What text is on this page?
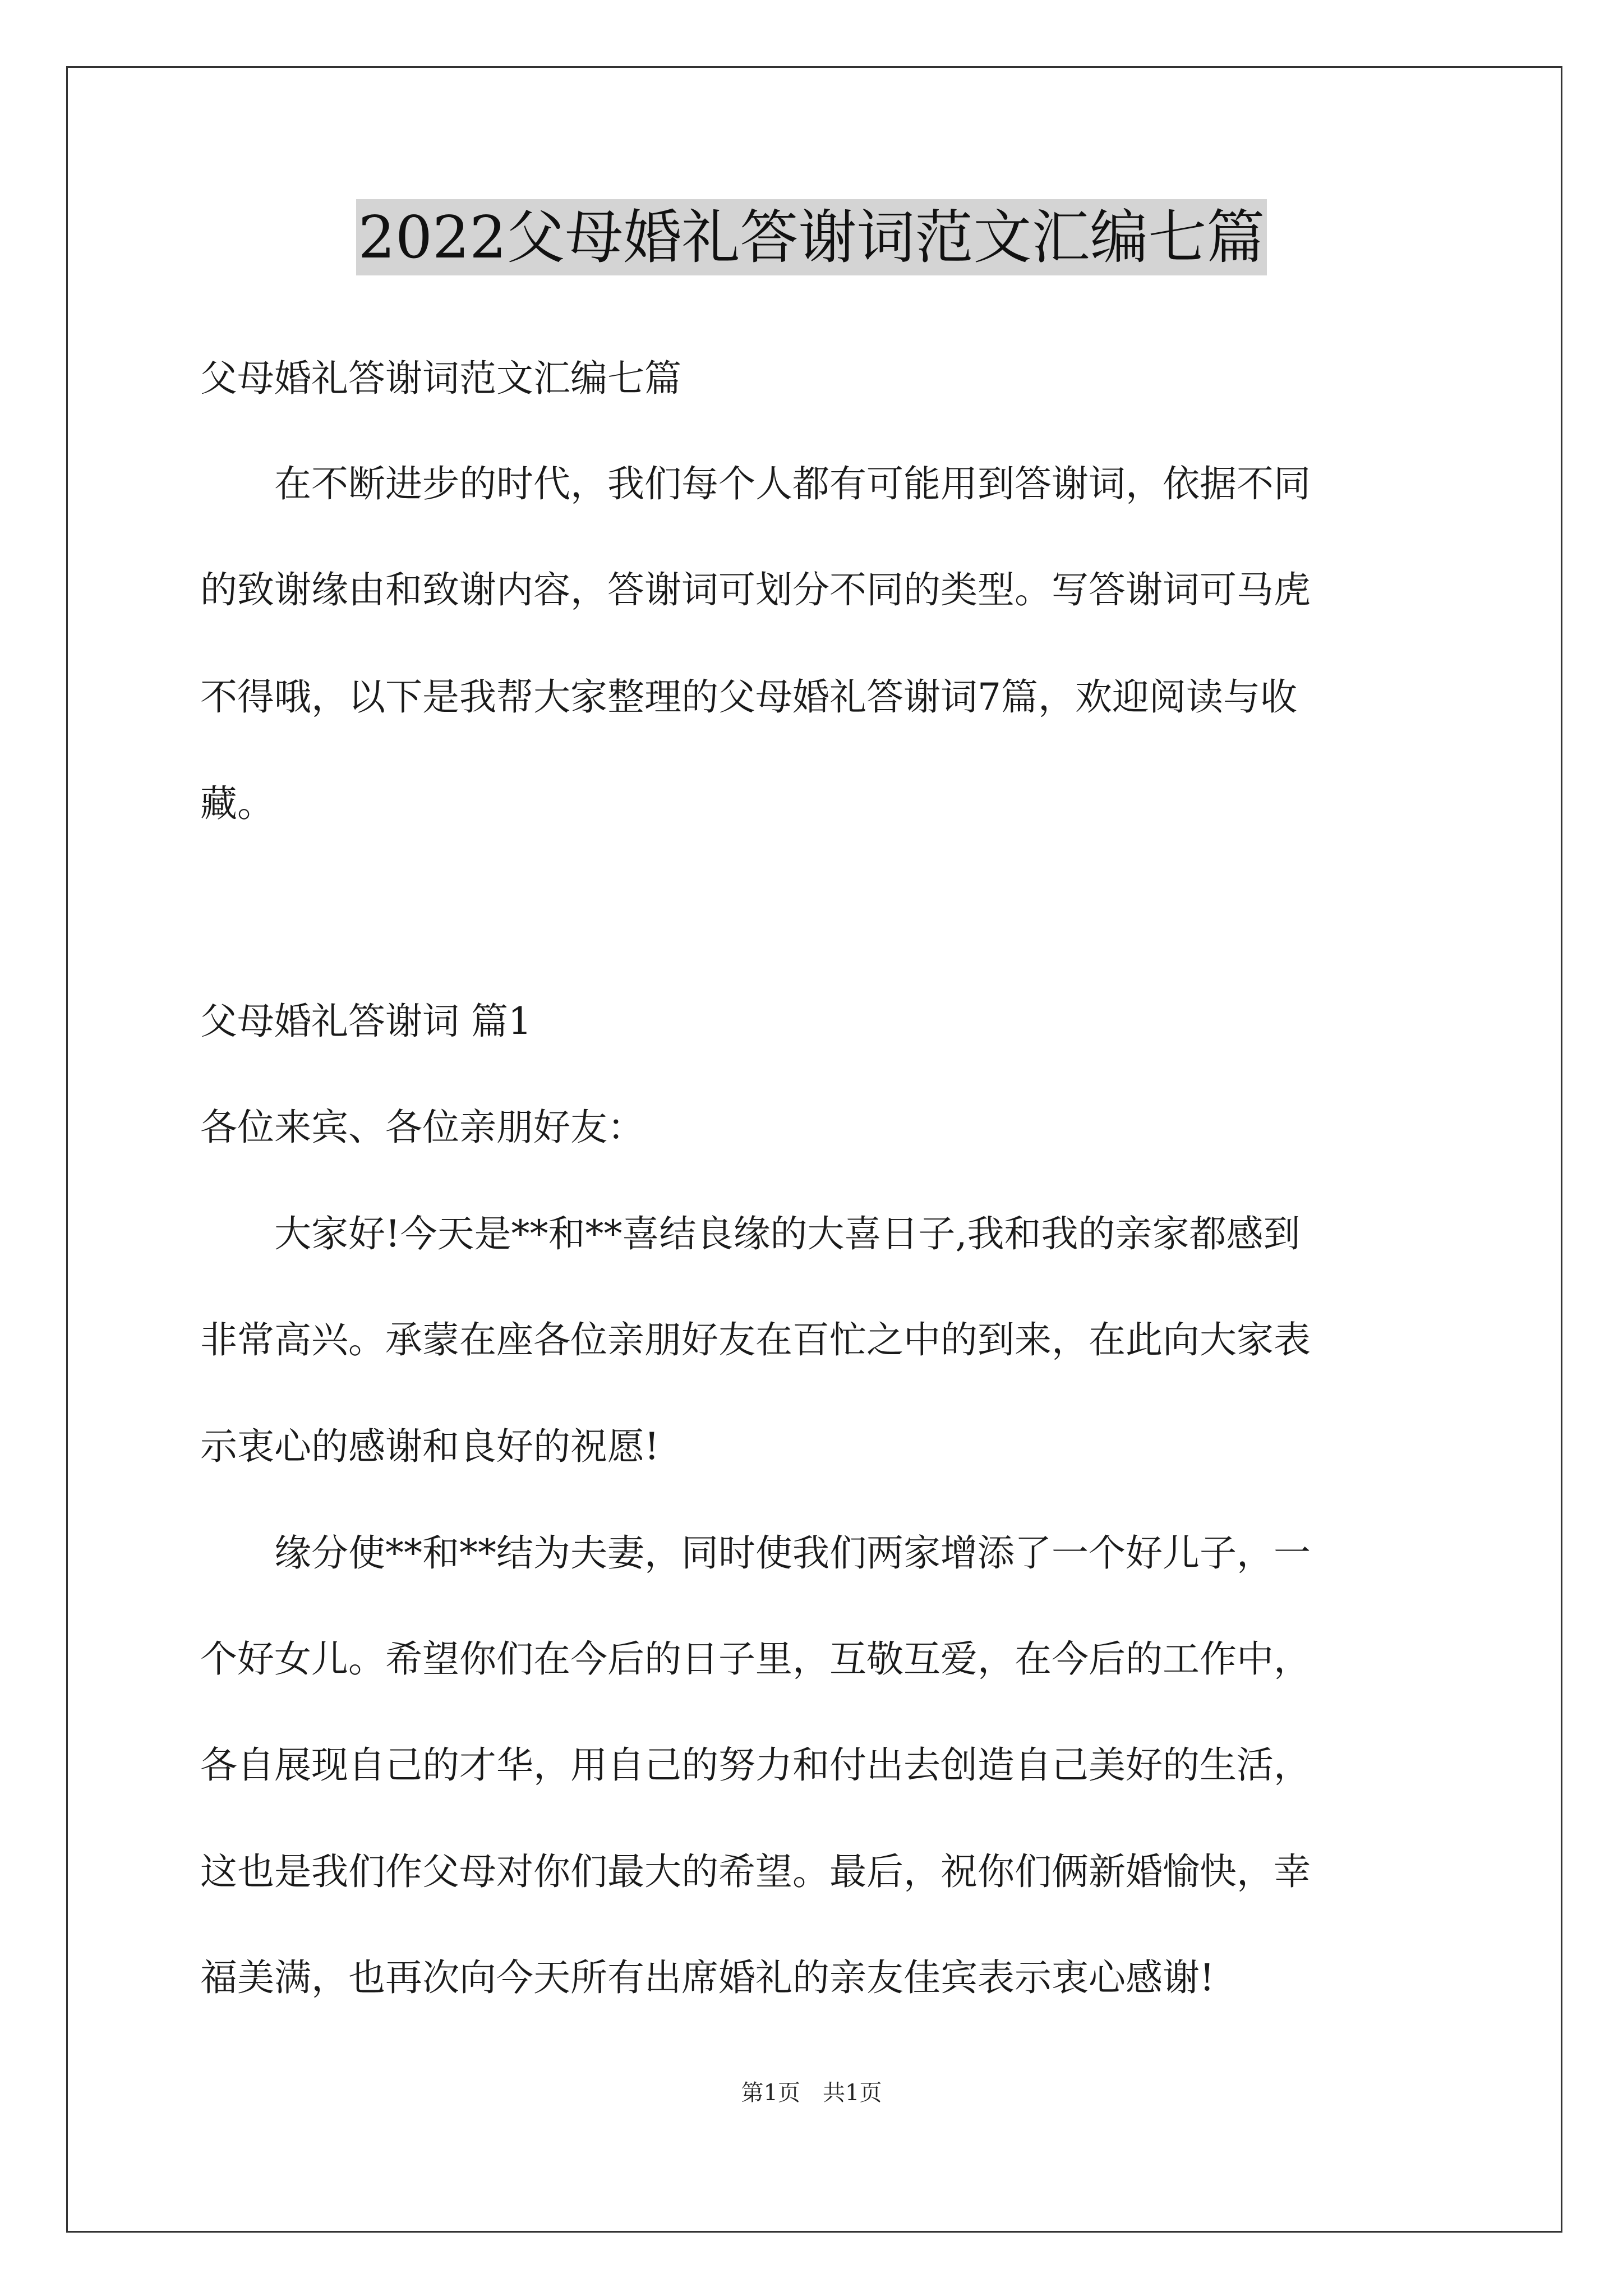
2022父母婚礼答谢词范文汇编七篇
父母婚礼答谢词范文汇编七篇
　　在不断进步的时代，我们每个人都有可能用到答谢词，依据不同
的致谢缘由和致谢内容，答谢词可划分不同的类型。写答谢词可马虎
不得哦，以下是我帮大家整理的父母婚礼答谢词7篇，欢迎阅读与收
藏。
父母婚礼答谢词 篇1
各位来宾、各位亲朋好友：
　　大家好!今天是**和**喜结良缘的大喜日子,我和我的亲家都感到
非常高兴。承蒙在座各位亲朋好友在百忙之中的到来，在此向大家表
示衷心的感谢和良好的祝愿!
　　缘分使**和**结为夫妻，同时使我们两家增添了一个好儿子，一
个好女儿。希望你们在今后的日子里，互敬互爱，在今后的工作中，
各自展现自己的才华，用自己的努力和付出去创造自己美好的生活，
这也是我们作父母对你们最大的希望。最后，祝你们俩新婚愉快，幸
福美满，也再次向今天所有出席婚礼的亲友佳宾表示衷心感谢!
第1页　共1页
